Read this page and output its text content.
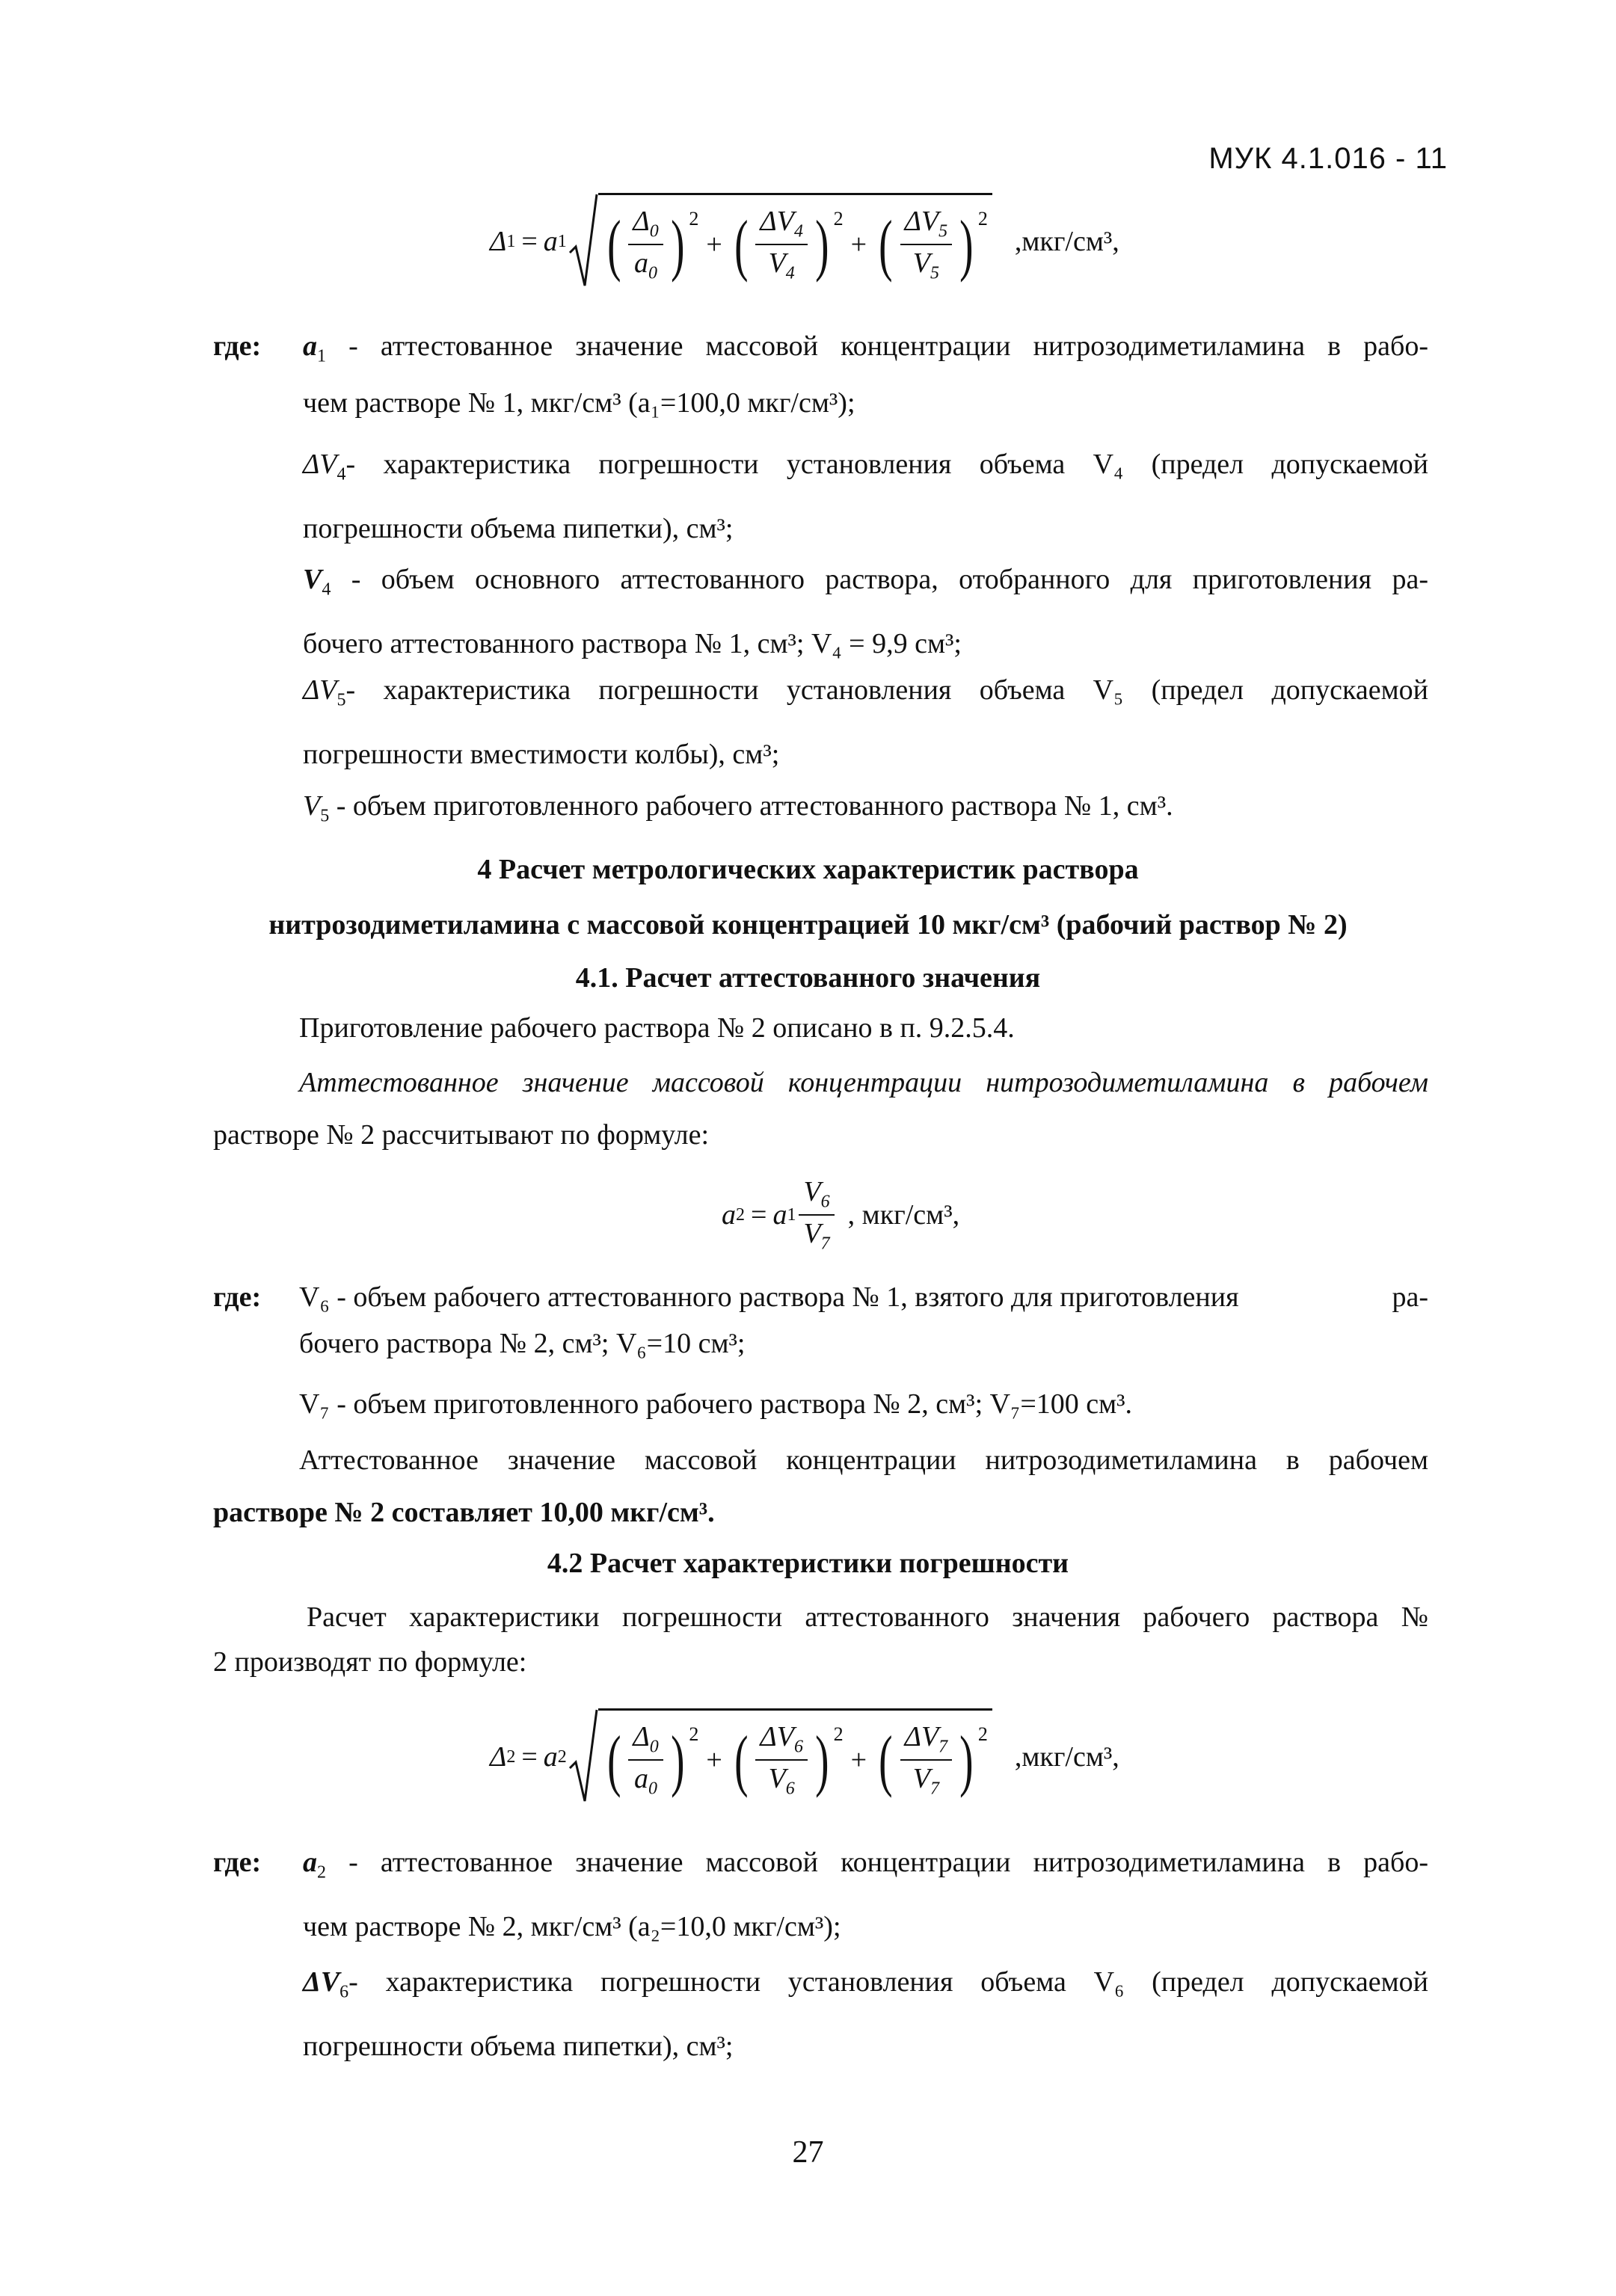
МУК 4.1.016 - 11
Δ 1 = a 1 ( $\frac{\Delta_0}{a_0} )^2$
+ ( $\frac{\Delta V_4}{V_4} )^2$
+ ( $\frac{\Delta V_5}{V_5} )^2$
,мкг/см³,
где: $a_1$ - аттестованное значение массовой концентрации нитрозодиметиламина в рабо-
чем растворе № 1, мкг/см³ (a₁=100,0 мкг/см³);
$\Delta V_4-$ характеристика погрешности установления объема V₄ (предел допускаемой
погрешности объема пипетки), см³;
$V_4$ - объем основного аттестованного раствора, отобранного для приготовления ра-
бочего аттестованного раствора № 1, см³; V₄ = 9,9 см³;
$\Delta V_5-$ характеристика погрешности установления объема V₅ (предел допускаемой
погрешности вместимости колбы), см³;
$V_5$ - объем приготовленного рабочего аттестованного раствора № 1, см³.
4 Расчет метрологических характеристик раствора
нитрозодиметиламина с массовой концентрацией 10 мкг/см³ (рабочий раствор № 2)
4.1. Расчет аттестованного значения
Приготовление рабочего раствора № 2 описано в п. 9.2.5.4.
Аттестованное значение массовой концентрации нитрозодиметиламина в рабочем
растворе № 2 рассчитывают по формуле:
a 2 = a $1 \frac{V_6}{V_7}$ , мкг/см³,
где: V₆ - объем рабочего аттестованного раствора № 1, взятого для приготовления	ра-
бочего раствора № 2, см³; V₆=10 см³;
V₇ - объем приготовленного рабочего раствора № 2, см³; V₇=100 см³.
Аттестованное значение массовой концентрации нитрозодиметиламина в рабочем
растворе № 2 составляет 10,00 мкг/см³.
4.2 Расчет характеристики погрешности
Расчет характеристики погрешности аттестованного значения рабочего раствора №
2 производят по формуле:
Δ 2 = a 2 ( $\frac{\Delta_0}{a_0} )^2$
+ ( $\frac{\Delta V_6}{V_6} )^2$
+ ( $\frac{\Delta V_7}{V_7} )^2$
,мкг/см³,
где: $a_2$ - аттестованное значение массовой концентрации нитрозодиметиламина в рабо-
чем растворе № 2, мкг/см³ (a₂=10,0 мкг/см³);
$\Delta V_6-$ характеристика погрешности установления объема V₆ (предел допускаемой
погрешности объема пипетки), см³;
27
